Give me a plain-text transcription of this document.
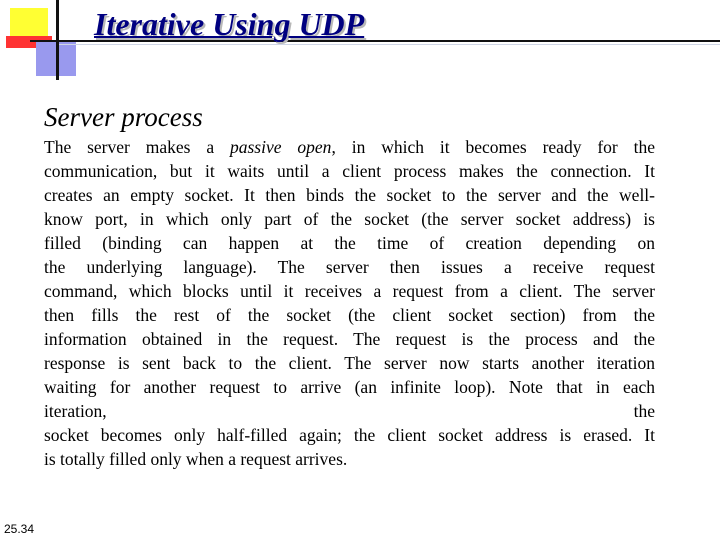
Iterative Using UDP
Server process
The server makes a passive open, in which it becomes ready for the
communication, but it waits until a client process makes the connection. It
creates an empty socket. It then binds the socket to the server and the well-
know port, in which only part of the socket (the server socket address) is
filled (binding can happen at the time of creation depending on
the underlying language). The server then issues a receive request
command, which blocks until it receives a request from a client. The server
then fills the rest of the socket (the client socket section) from the
information obtained in the request. The request is the process and the
response is sent back to the client. The server now starts another iteration
waiting for another request to arrive (an infinite loop). Note that in each
iteration, the
socket becomes only half-filled again; the client socket address is erased. It
is totally filled only when a request arrives.
25.34
